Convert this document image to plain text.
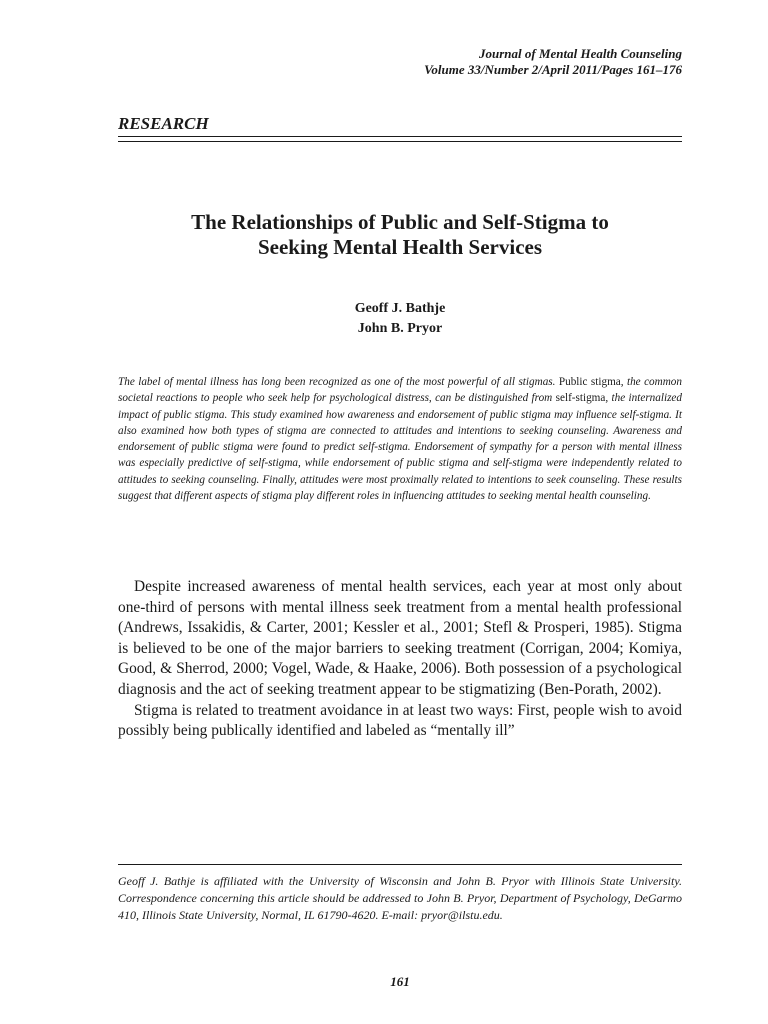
Journal of Mental Health Counseling
Volume 33/Number 2/April 2011/Pages 161–176
RESEARCH
The Relationships of Public and Self-Stigma to
Seeking Mental Health Services
Geoff J. Bathje
John B. Pryor
The label of mental illness has long been recognized as one of the most powerful of all stigmas. Public stigma, the common societal reactions to people who seek help for psychological distress, can be distinguished from self-stigma, the internalized impact of public stigma. This study examined how awareness and endorsement of public stigma may influence self-stigma. It also examined how both types of stigma are connected to attitudes and intentions to seeking counseling. Awareness and endorsement of public stigma were found to predict self-stigma. Endorsement of sympathy for a person with mental illness was especially predictive of self-stigma, while endorsement of public stigma and self-stigma were independently related to attitudes to seeking counseling. Finally, attitudes were most proximally related to intentions to seek counseling. These results suggest that different aspects of stigma play different roles in influencing attitudes to seeking mental health counseling.

Despite increased awareness of mental health services, each year at most only about one-third of persons with mental illness seek treatment from a mental health professional (Andrews, Issakidis, & Carter, 2001; Kessler et al., 2001; Stefl & Prosperi, 1985). Stigma is believed to be one of the major barriers to seeking treatment (Corrigan, 2004; Komiya, Good, & Sherrod, 2000; Vogel, Wade, & Haake, 2006). Both possession of a psychological diagnosis and the act of seeking treatment appear to be stigmatizing (Ben-Porath, 2002).

Stigma is related to treatment avoidance in at least two ways: First, people wish to avoid possibly being publically identified and labeled as “mentally ill”

Geoff J. Bathje is affiliated with the University of Wisconsin and John B. Pryor with Illinois State University. Correspondence concerning this article should be addressed to John B. Pryor, Department of Psychology, DeGarmo 410, Illinois State University, Normal, IL 61790-4620. E-mail: pryor@ilstu.edu.
161
